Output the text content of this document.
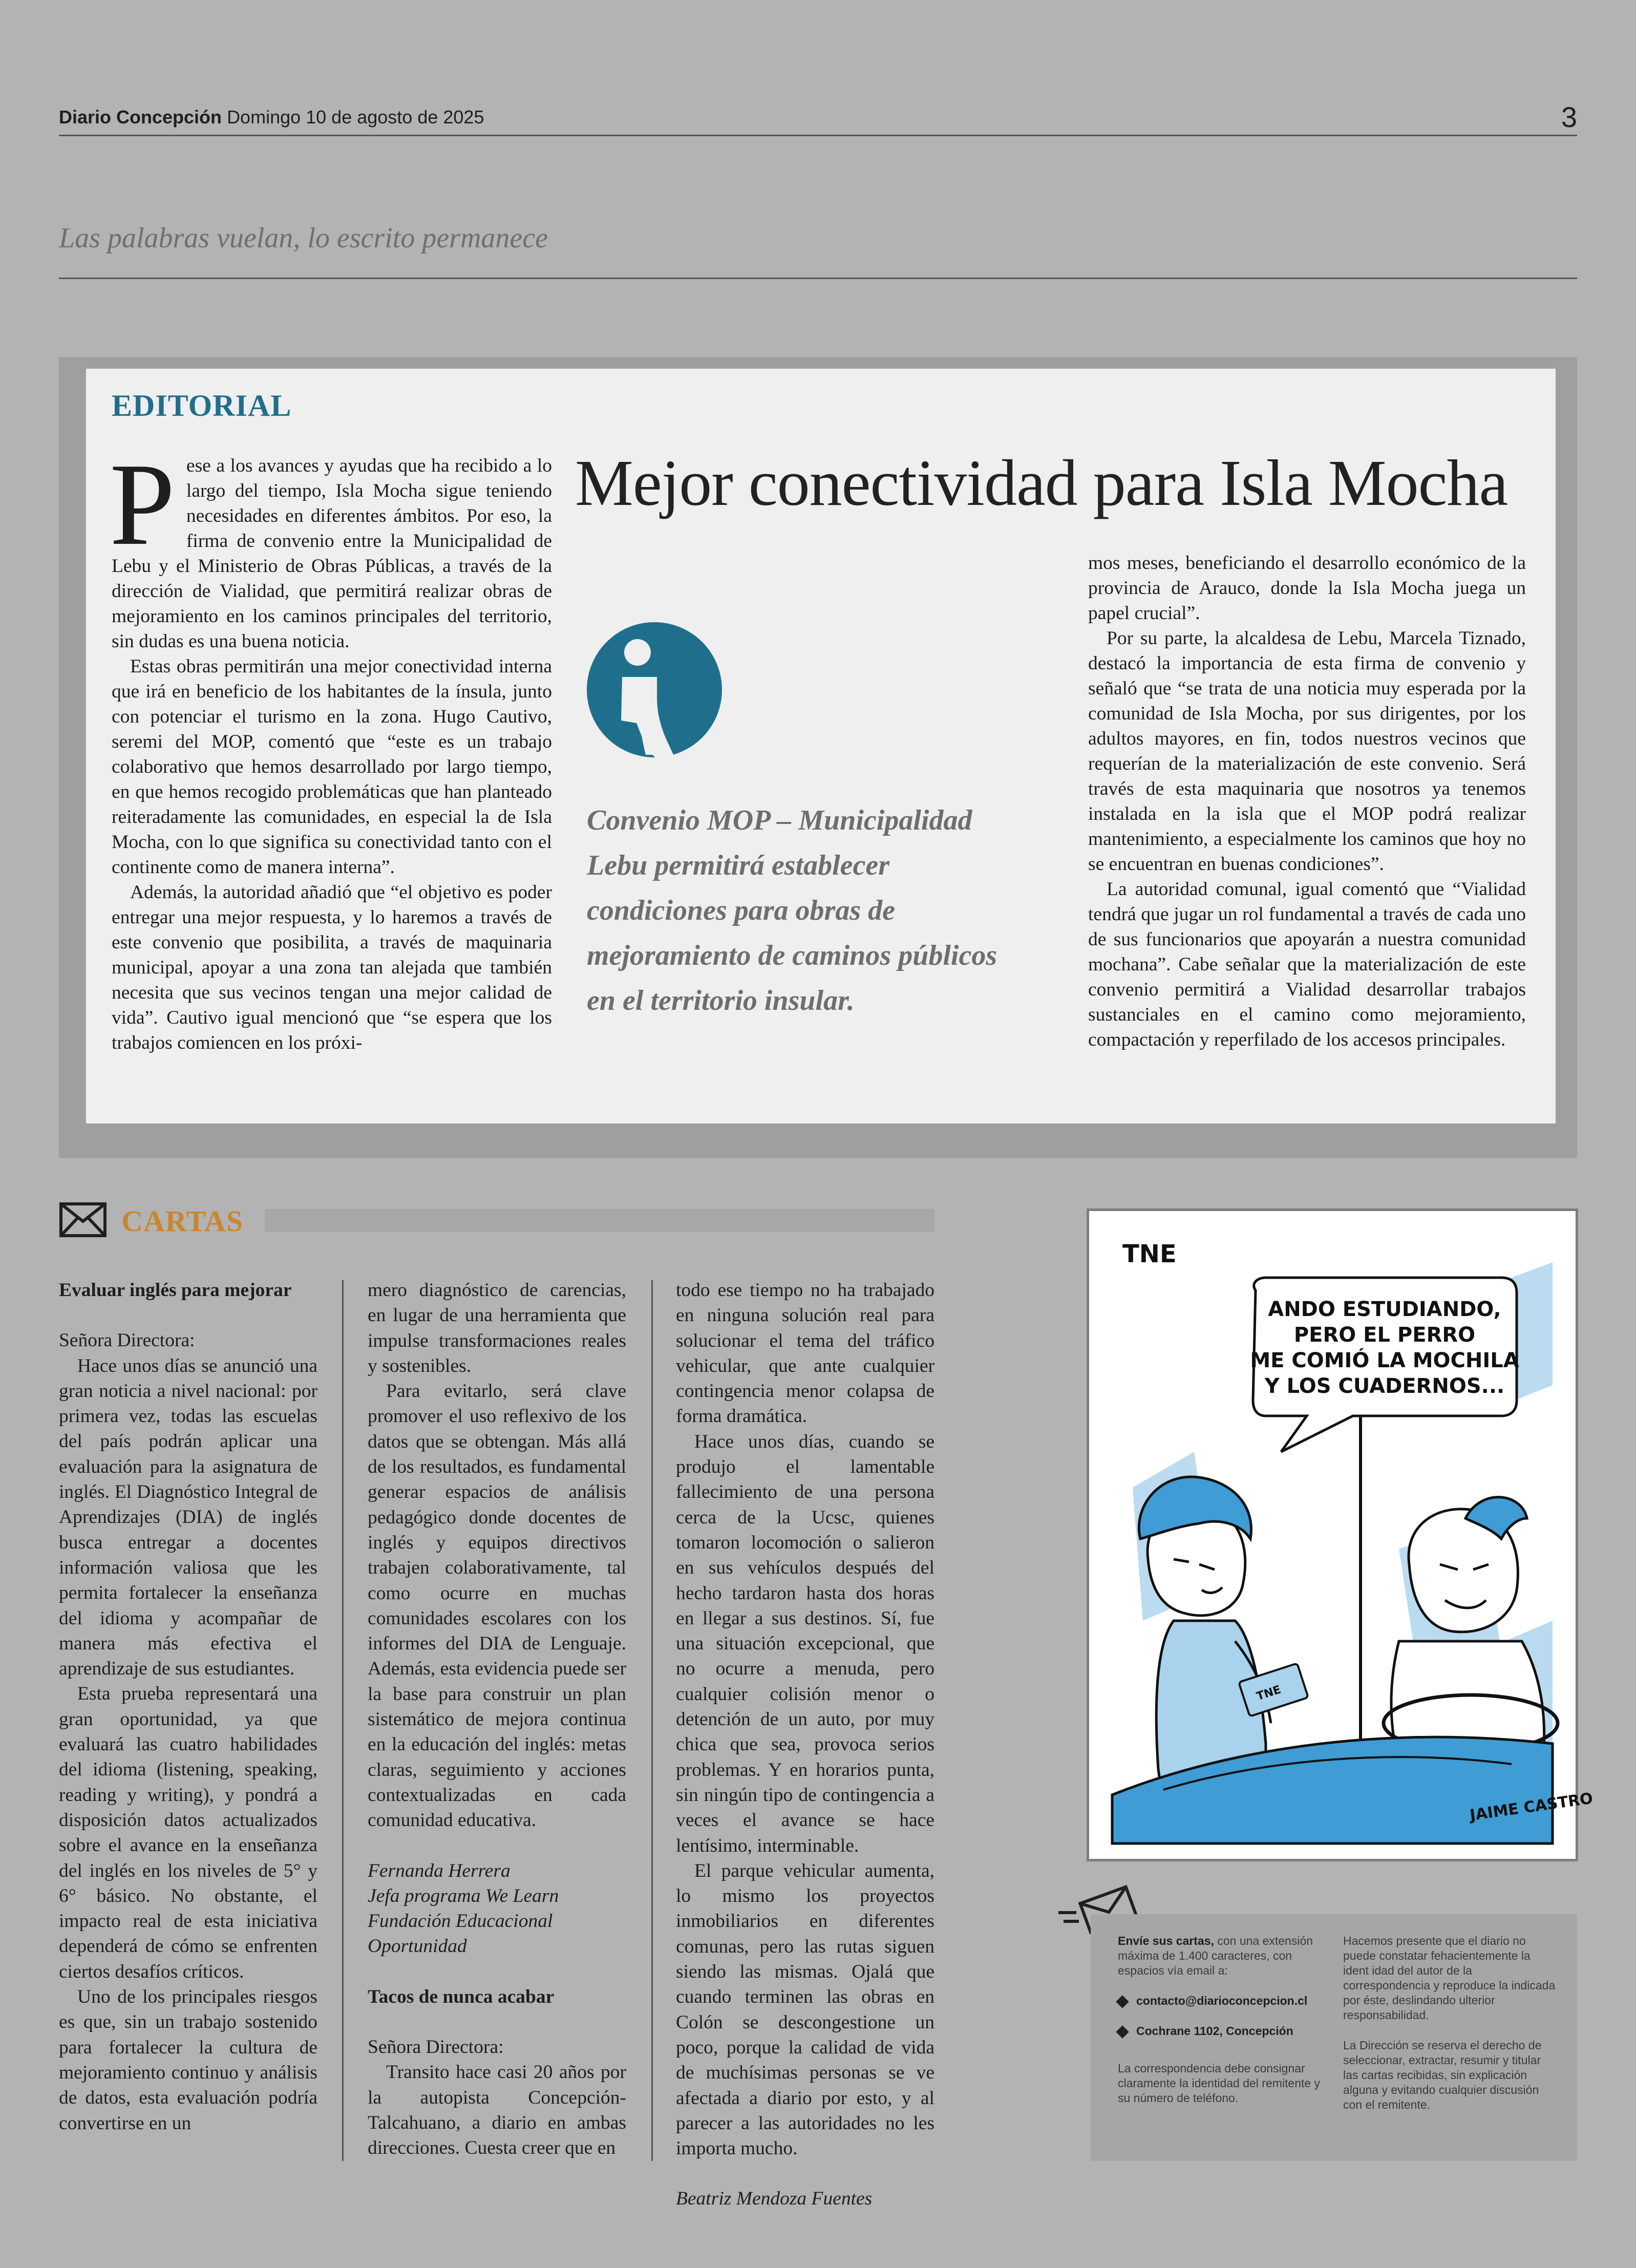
Diario Concepción Domingo 10 de agosto de 2025	3
Las palabras vuelan, lo escrito permanece
EDITORIAL
P ese a los avances y ayudas que ha recibido a lo largo del tiempo, Isla Mocha sigue teniendo necesidades en diferentes ámbitos. Por eso, la firma de convenio entre la Municipalidad de Lebu y el Ministerio de Obras Públicas, a través de la dirección de Vialidad, que permitirá realizar obras de mejoramiento en los caminos principales del territorio, sin dudas es una buena noticia.

Estas obras permitirán una mejor conectividad interna que irá en beneficio de los habitantes de la ínsula, junto con potenciar el turismo en la zona. Hugo Cautivo, seremi del MOP, comentó que “este es un trabajo colaborativo que hemos desarrollado por largo tiempo, en que hemos recogido problemáticas que han planteado reiteradamente las comunidades, en especial la de Isla Mocha, con lo que significa su conectividad tanto con el continente como de manera interna”.

Además, la autoridad añadió que “el objetivo es poder entregar una mejor respuesta, y lo haremos a través de este convenio que posibilita, a través de maquinaria municipal, apoyar a una zona tan alejada que también necesita que sus vecinos tengan una mejor calidad de vida”. Cautivo igual mencionó que “se espera que los trabajos comiencen en los próxi-

Mejor conectividad para Isla Mocha
Convenio MOP – Municipalidad Lebu permitirá establecer condiciones para obras de mejoramiento de caminos públicos en el territorio insular.

mos meses, beneficiando el desarrollo económico de la provincia de Arauco, donde la Isla Mocha juega un papel crucial”.

Por su parte, la alcaldesa de Lebu, Marcela Tiznado, destacó la importancia de esta firma de convenio y señaló que “se trata de una noticia muy esperada por la comunidad de Isla Mocha, por sus dirigentes, por los adultos mayores, en fin, todos nuestros vecinos que requerían de la materialización de este convenio. Será través de esta maquinaria que nosotros ya tenemos instalada en la isla que el MOP podrá realizar mantenimiento, a especialmente los caminos que hoy no se encuentran en buenas condiciones”.

La autoridad comunal, igual comentó que “Vialidad tendrá que jugar un rol fundamental a través de cada uno de sus funcionarios que apoyarán a nuestra comunidad mochana”. Cabe señalar que la materialización de este convenio permitirá a Vialidad desarrollar trabajos sustanciales en el camino como mejoramiento, compactación y reperfilado de los accesos principales.

CARTAS

Evaluar inglés para mejorar

Señora Directora:

Hace unos días se anunció una gran noticia a nivel nacional: por primera vez, todas las escuelas del país podrán aplicar una evaluación para la asignatura de inglés. El Diagnóstico Integral de Aprendizajes (DIA) de inglés busca entregar a docentes información valiosa que les permita fortalecer la enseñanza del idioma y acompañar de manera más efectiva el aprendizaje de sus estudiantes.

Esta prueba representará una gran oportunidad, ya que evaluará las cuatro habilidades del idioma (listening, speaking, reading y writing), y pondrá a disposición datos actualizados sobre el avance en la enseñanza del inglés en los niveles de 5° y 6° básico. No obstante, el impacto real de esta iniciativa dependerá de cómo se enfrenten ciertos desafíos críticos.

Uno de los principales riesgos es que, sin un trabajo sostenido para fortalecer la cultura de mejoramiento continuo y análisis de datos, esta evaluación podría convertirse en un

mero diagnóstico de carencias, en lugar de una herramienta que impulse transformaciones reales y sostenibles.

Para evitarlo, será clave promover el uso reflexivo de los datos que se obtengan. Más allá de los resultados, es fundamental generar espacios de análisis pedagógico donde docentes de inglés y equipos directivos trabajen colaborativamente, tal como ocurre en muchas comunidades escolares con los informes del DIA de Lenguaje. Además, esta evidencia puede ser la base para construir un plan sistemático de mejora continua en la educación del inglés: metas claras, seguimiento y acciones contextualizadas en cada comunidad educativa.

Fernanda Herrera

Jefa programa We Learn

Fundación Educacional Oportunidad

Tacos de nunca acabar

Señora Directora:

Transito hace casi 20 años por la autopista Concepción-Talcahuano, a diario en ambas direcciones. Cuesta creer que en

todo ese tiempo no ha trabajado en ninguna solución real para solucionar el tema del tráfico vehicular, que ante cualquier contingencia menor colapsa de forma dramática.

Hace unos días, cuando se produjo el lamentable fallecimiento de una persona cerca de la Ucsc, quienes tomaron locomoción o salieron en sus vehículos después del hecho tardaron hasta dos horas en llegar a sus destinos. Sí, fue una situación excepcional, que no ocurre a menuda, pero cualquier colisión menor o detención de un auto, por muy chica que sea, provoca serios problemas. Y en horarios punta, sin ningún tipo de contingencia a veces el avance se hace lentísimo, interminable.

El parque vehicular aumenta, lo mismo los proyectos inmobiliarios en diferentes comunas, pero las rutas siguen siendo las mismas. Ojalá que cuando terminen las obras en Colón se descongestione un poco, porque la calidad de vida de muchísimas personas se ve afectada a diario por esto, y al parecer a las autoridades no les importa mucho.

Beatriz Mendoza Fuentes

TNE
ANDO ESTUDIANDO,
PERO EL PERRO
ME COMIÓ LA MOCHILA
Y LOS CUADERNOS...
TNE
JAIME CASTRO

Envíe sus cartas, con una extensión máxima de 1.400 caracteres, con espacios vía email a:

contacto@diarioconcepcion.cl

Cochrane 1102, Concepción

La correspondencia debe consignar claramente la identidad del remitente y su número de teléfono.

Hacemos presente que el diario no puede constatar fehacientemente la ident idad del autor de la correspondencia y reproduce la indicada por éste, deslindando ulterior responsabilidad.

La Dirección se reserva el derecho de seleccionar, extractar, resumir y titular las cartas recibidas, sin explicación alguna y evitando cualquier discusión con el remitente.
